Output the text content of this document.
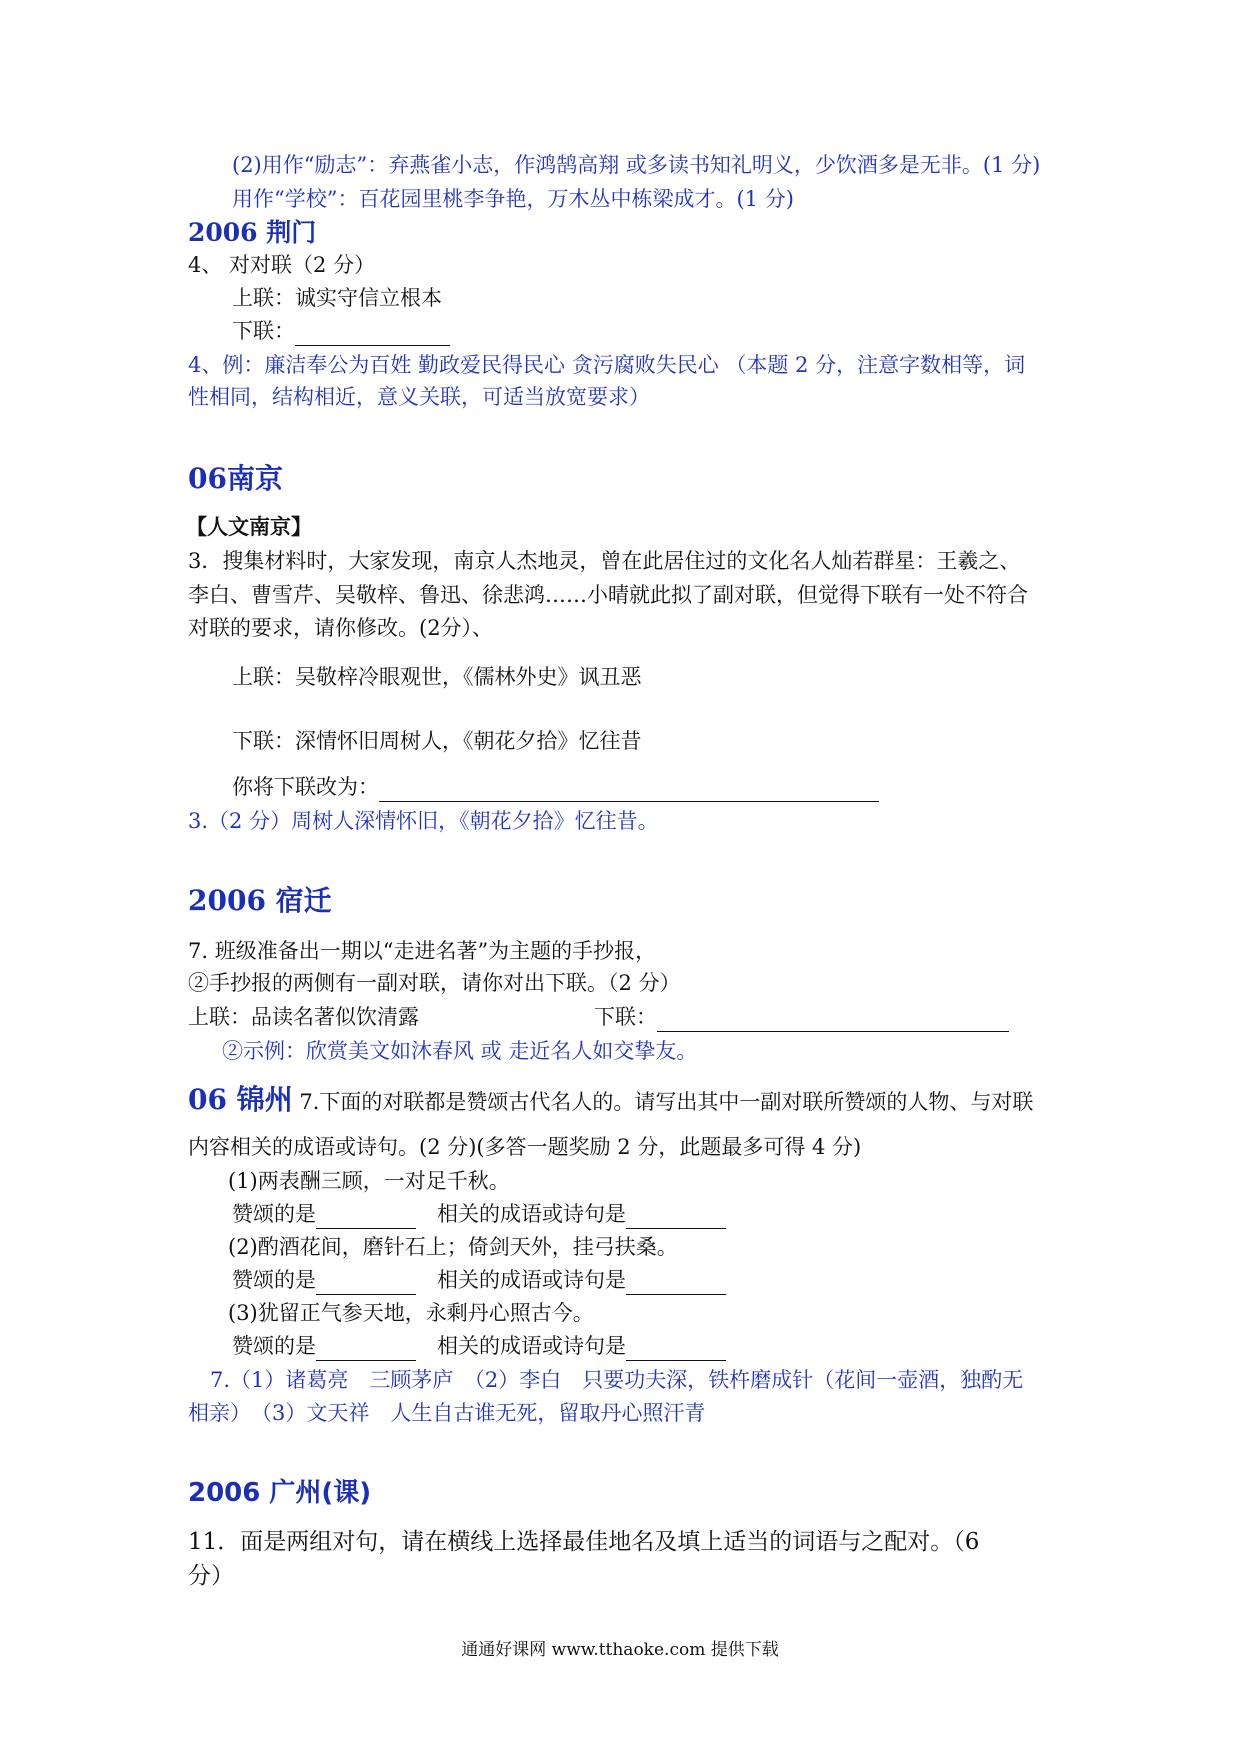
(2)用作“励志”：弃燕雀小志，作鸿鹄高翔 或多读书知礼明义，少饮酒多是无非。(1 分)
用作“学校”：百花园里桃李争艳，万木丛中栋梁成才。(1 分)
2006 荆门
4、 对对联（2 分）
上联：诚实守信立根本
下联：
4、例：廉洁奉公为百姓 勤政爱民得民心 贪污腐败失民心 （本题 2 分，注意字数相等，词
性相同，结构相近，意义关联，可适当放宽要求）
06南京
【人文南京】
3．搜集材料时，大家发现，南京人杰地灵，曾在此居住过的文化名人灿若群星：王羲之、
李白、曹雪芹、吴敬梓、鲁迅、徐悲鸿……小晴就此拟了副对联，但觉得下联有一处不符合
对联的要求，请你修改。(2分）、
上联：吴敬梓冷眼观世，《儒林外史》讽丑恶
下联：深情怀旧周树人，《朝花夕拾》忆往昔
你将下联改为：
3.（2 分）周树人深情怀旧，《朝花夕拾》忆往昔。
2006 宿迁
7. 班级准备出一期以“走进名著”为主题的手抄报，
②手抄报的两侧有一副对联，请你对出下联。（2 分）
上联：品读名著似饮清露	下联：
②示例：欣赏美文如沐春风 或 走近名人如交挚友。
06 锦州 7.下面的对联都是赞颂古代名人的。请写出其中一副对联所赞颂的人物、与对联
内容相关的成语或诗句。(2 分)(多答一题奖励 2 分，此题最多可得 4 分)
(1)两表酬三顾，一对足千秋。
赞颂的是　	相关的成语或诗句是
(2)酌酒花间，磨针石上；倚剑天外，挂弓扶桑。
赞颂的是　	相关的成语或诗句是
(3)犹留正气参天地，永剩丹心照古今。
赞颂的是　	相关的成语或诗句是
7.（1）诸葛亮　三顾茅庐　（2）李白　只要功夫深，铁杵磨成针（花间一壶酒，独酌无
相亲）　（3）文天祥　人生自古谁无死，留取丹心照汗青
2006 广州(课)
11．面是两组对句，请在横线上选择最佳地名及填上适当的词语与之配对。（6
分）
通通好课网 www.tthaoke.com 提供下载
